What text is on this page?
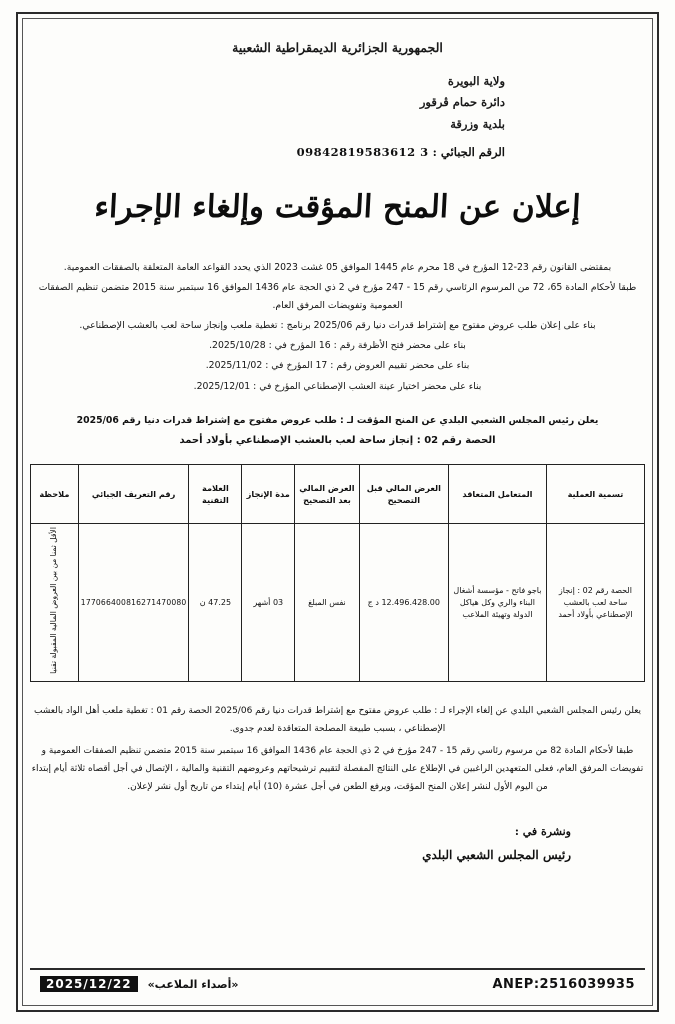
الجمهورية الجزائرية الديمقراطية الشعبية
ولاية البويرة
دائرة حمام ڨرقور
بلدية وزرقة
الرقم الجبائي : 09842819583612 3
إعلان عن المنح المؤقت وإلغاء الإجراء

بمقتضى القانون رقم 23-12 المؤرخ في 18 محرم عام 1445 الموافق 05 غشت 2023 الذي يحدد القواعد العامة المتعلقة بالصفقات العمومية.

طبقا لأحكام المادة 65، 72 من المرسوم الرئاسي رقم 15 - 247 مؤرخ في 2 ذي الحجة عام 1436 الموافق 16 سبتمبر سنة 2015 متضمن تنظيم الصفقات العمومية وتفويضات المرفق العام.

بناء على إعلان طلب عروض مفتوح مع إشتراط قدرات دنيا رقم 2025/06 برنامج : تغطية ملعب وإنجاز ساحة لعب بالعشب الإصطناعي.

بناء على محضر فتح الأظرفة رقم : 16 المؤرخ في : 2025/10/28.

بناء على محضر تقييم العروض رقم : 17 المؤرخ في : 2025/11/02.

بناء على محضر اختيار عينة العشب الإصطناعي المؤرخ في : 2025/12/01.

يعلن رئيس المجلس الشعبي البلدي عن المنح المؤقت لـ : طلب عروض مفتوح مع إشتراط قدرات دنيا رقم 2025/06
الحصة رقم 02 : إنجاز ساحة لعب بالعشب الإصطناعي بأولاد أحمد
تسمية العملية	المتعامل المتعاقد	العرض المالي قبل التصحيح	العرض المالي بعد التصحيح	مدة الإنجاز	العلامة التقنية	رقم التعريف الجبائي	ملاحظة
الحصة رقم 02 : إنجاز ساحة لعب بالعشب الإصطناعي بأولاد أحمد	باجو فاتح - مؤسسة أشغال البناء والري وكل هياكل الدولة وتهيئة الملاعب	12.496.428.00 د ج	نفس المبلغ	03 أشهر	47.25 ن	177066400816271470080	الأقل ثمنا من بين العروض المالية المقبولة تقنيا

يعلن رئيس المجلس الشعبي البلدي عن إلغاء الإجراء لـ : طلب عروض مفتوح مع إشتراط قدرات دنيا رقم 2025/06 الحصة رقم 01 : تغطية ملعب أهل الواد بالعشب الإصطناعي ، بسبب طبيعة المصلحة المتعاقدة لعدم جدوى.

طبقا لأحكام المادة 82 من مرسوم رئاسي رقم 15 - 247 مؤرخ في 2 ذي الحجة عام 1436 الموافق 16 سبتمبر سنة 2015 متضمن تنظيم الصفقات العمومية و تفويضات المرفق العام، فعلى المتعهدين الراغبين في الإطلاع على النتائج المفصلة لتقييم ترشيحاتهم وعروضهم التقنية والمالية ، الإتصال في أجل أقصاه ثلاثة أيام إبتداء من اليوم الأول لنشر إعلان المنح المؤقت، ويرفع الطعن في أجل عشرة (10) أيام إبتداء من تاريخ أول نشر لإعلان.

ونشرة في :
رئيس المجلس الشعبي البلدي
ANEP:2516039935
«أصداء الملاعب»
2025/12/22
